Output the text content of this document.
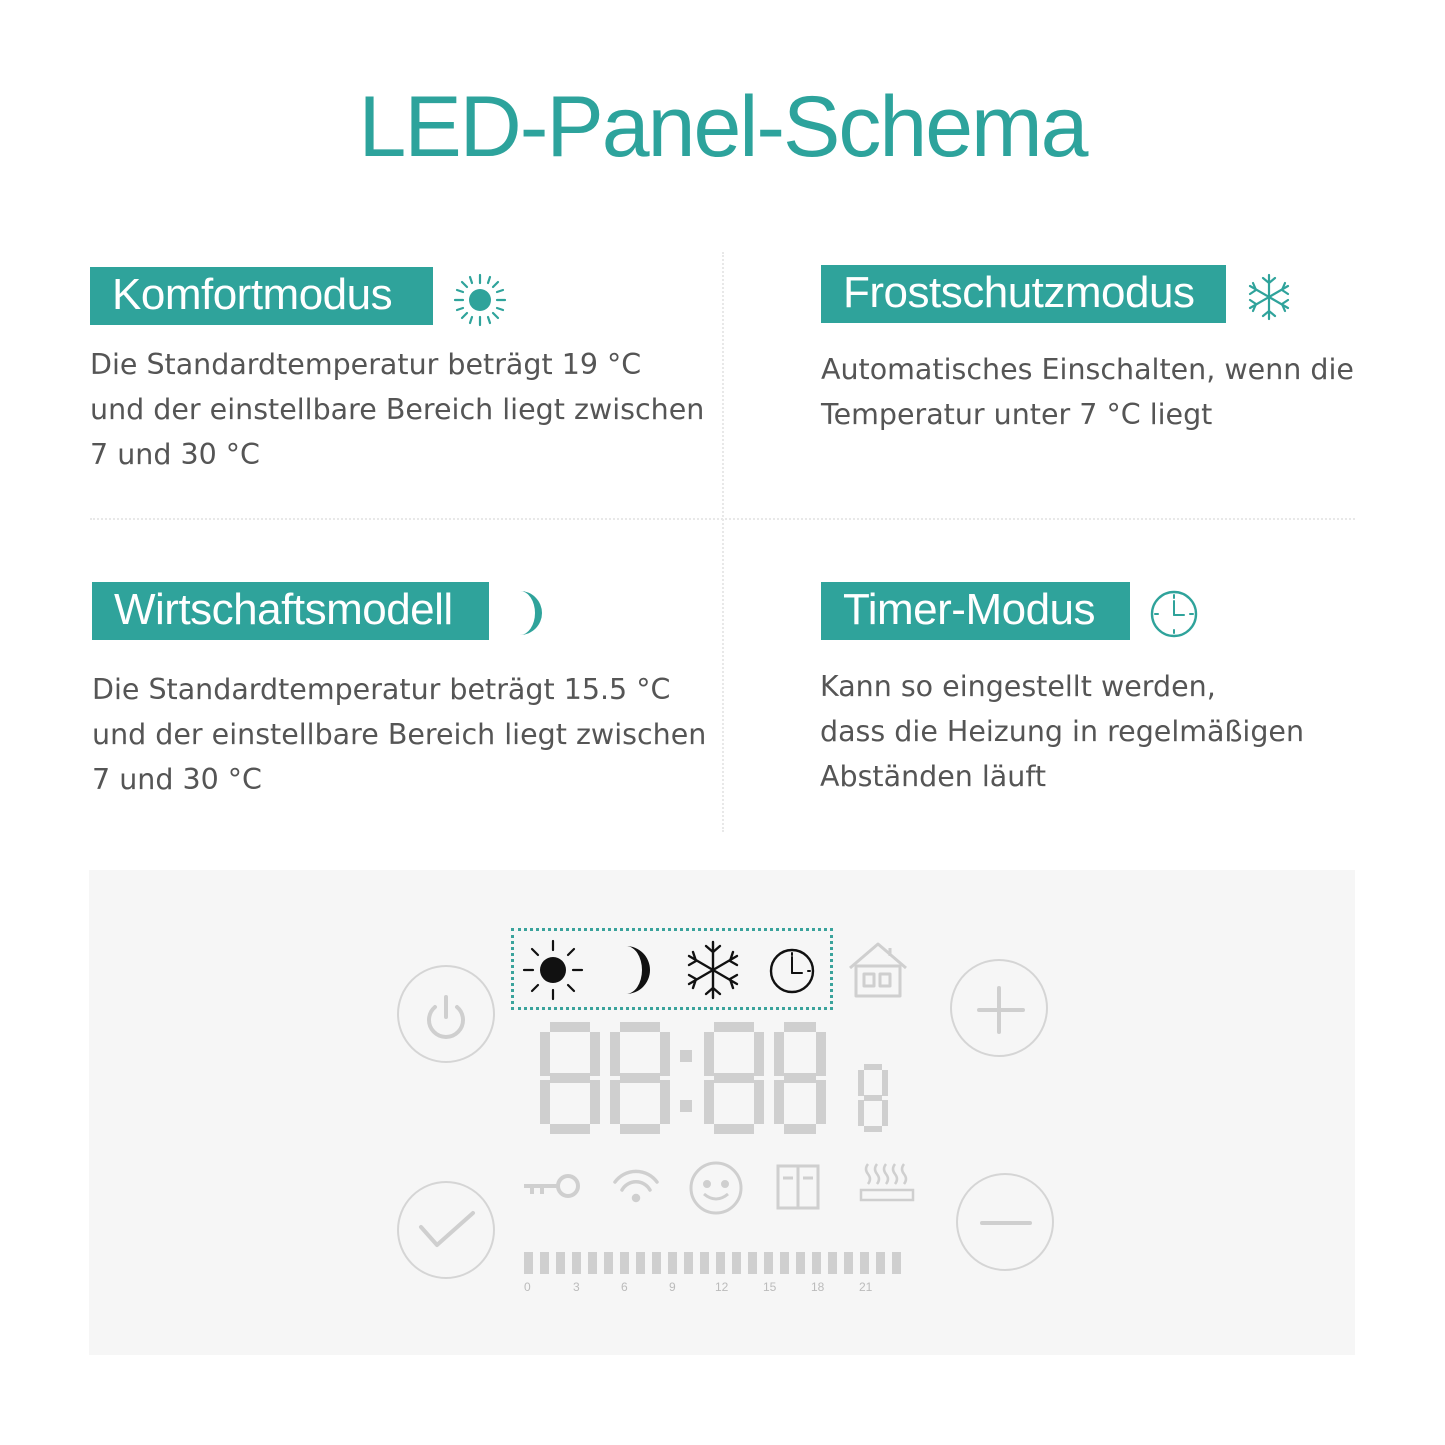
LED-Panel-Schema
Komfortmodus
Die Standardtemperatur beträgt 19 °C
und der einstellbare Bereich liegt zwischen
7 und 30 °C
Frostschutzmodus
Automatisches Einschalten, wenn die
Temperatur unter 7 °C liegt
Wirtschaftsmodell
Die Standardtemperatur beträgt 15.5 °C
und der einstellbare Bereich liegt zwischen
7 und 30 °C
Timer-Modus
Kann so eingestellt werden,
dass die Heizung in regelmäßigen
Abständen läuft
0	3	6	9	12	15	18	21
